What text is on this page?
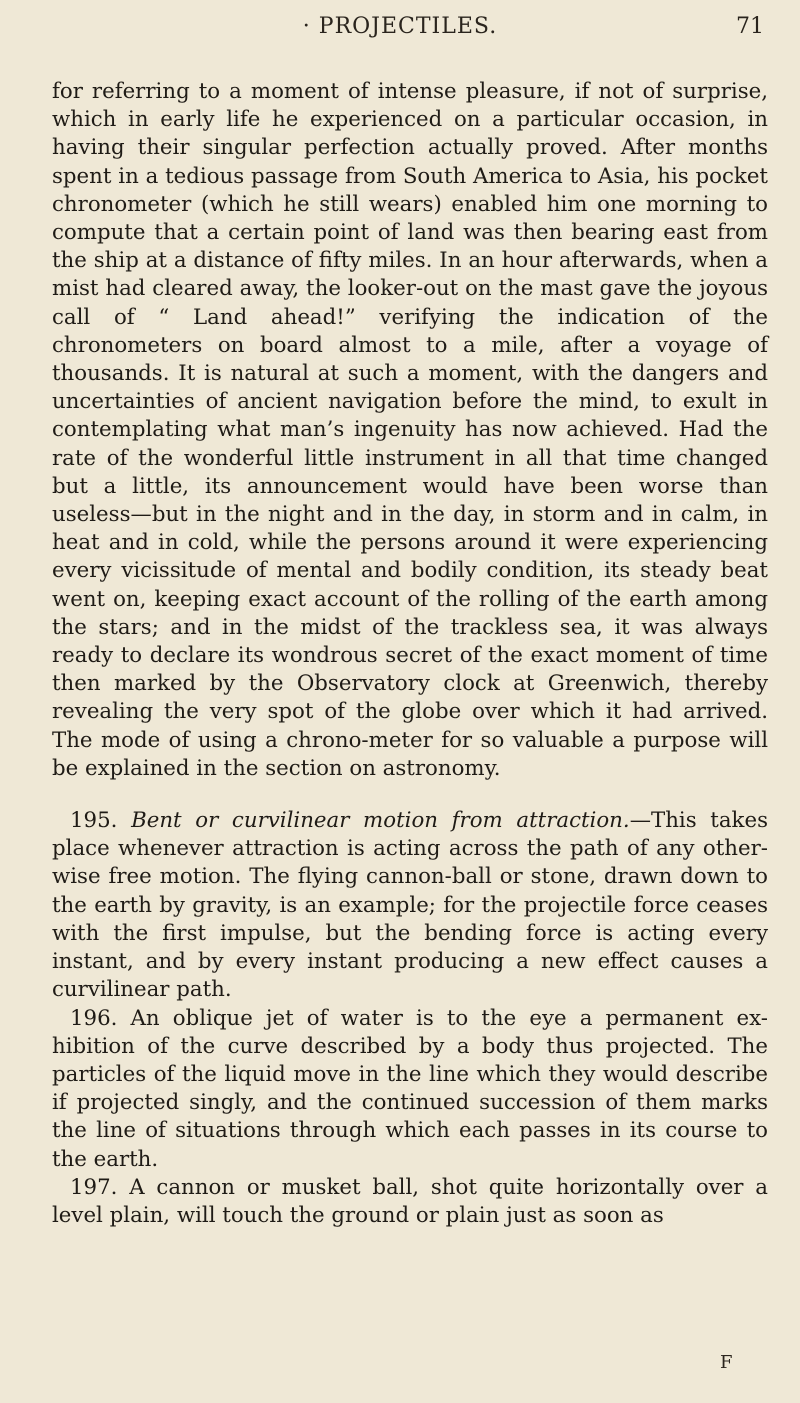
· PROJECTILES.	71

for referring to a moment of intense pleasure, if not of surprise, which in early life he experienced on a particular occasion, in having their singular perfection actually proved. After months spent in a tedious passage from South America to Asia, his pocket chronometer (which he still wears) enabled him one morning to compute that a certain point of land was then bearing east from the ship at a distance of fifty miles. In an hour afterwards, when a mist had cleared away, the looker-out on the mast gave the joyous call of “ Land ahead!” verifying the indication of the chronometers on board almost to a mile, after a voyage of thousands. It is natural at such a moment, with the dangers and uncertainties of ancient navigation before the mind, to exult in contemplating what man’s ingenuity has now achieved. Had the rate of the wonderful little instrument in all that time changed but a little, its announcement would have been worse than useless—but in the night and in the day, in storm and in calm, in heat and in cold, while the persons around it were experiencing every vicissitude of mental and bodily condition, its steady beat went on, keeping exact account of the rolling of the earth among the stars; and in the midst of the trackless sea, it was always ready to declare its wondrous secret of the exact moment of time then marked by the Observatory clock at Greenwich, thereby revealing the very spot of the globe over which it had arrived. The mode of using a chrono-meter for so valuable a purpose will be explained in the section on astronomy.

195. Bent or curvilinear motion from attraction.—This takes place whenever attraction is acting across the path of any other-wise free motion. The flying cannon-ball or stone, drawn down to the earth by gravity, is an example; for the projectile force ceases with the first impulse, but the bending force is acting every instant, and by every instant producing a new effect causes a curvilinear path.

196. An oblique jet of water is to the eye a permanent ex-hibition of the curve described by a body thus projected. The particles of the liquid move in the line which they would describe if projected singly, and the continued succession of them marks the line of situations through which each passes in its course to the earth.

197. A cannon or musket ball, shot quite horizontally over a level plain, will touch the ground or plain just as soon as

F
